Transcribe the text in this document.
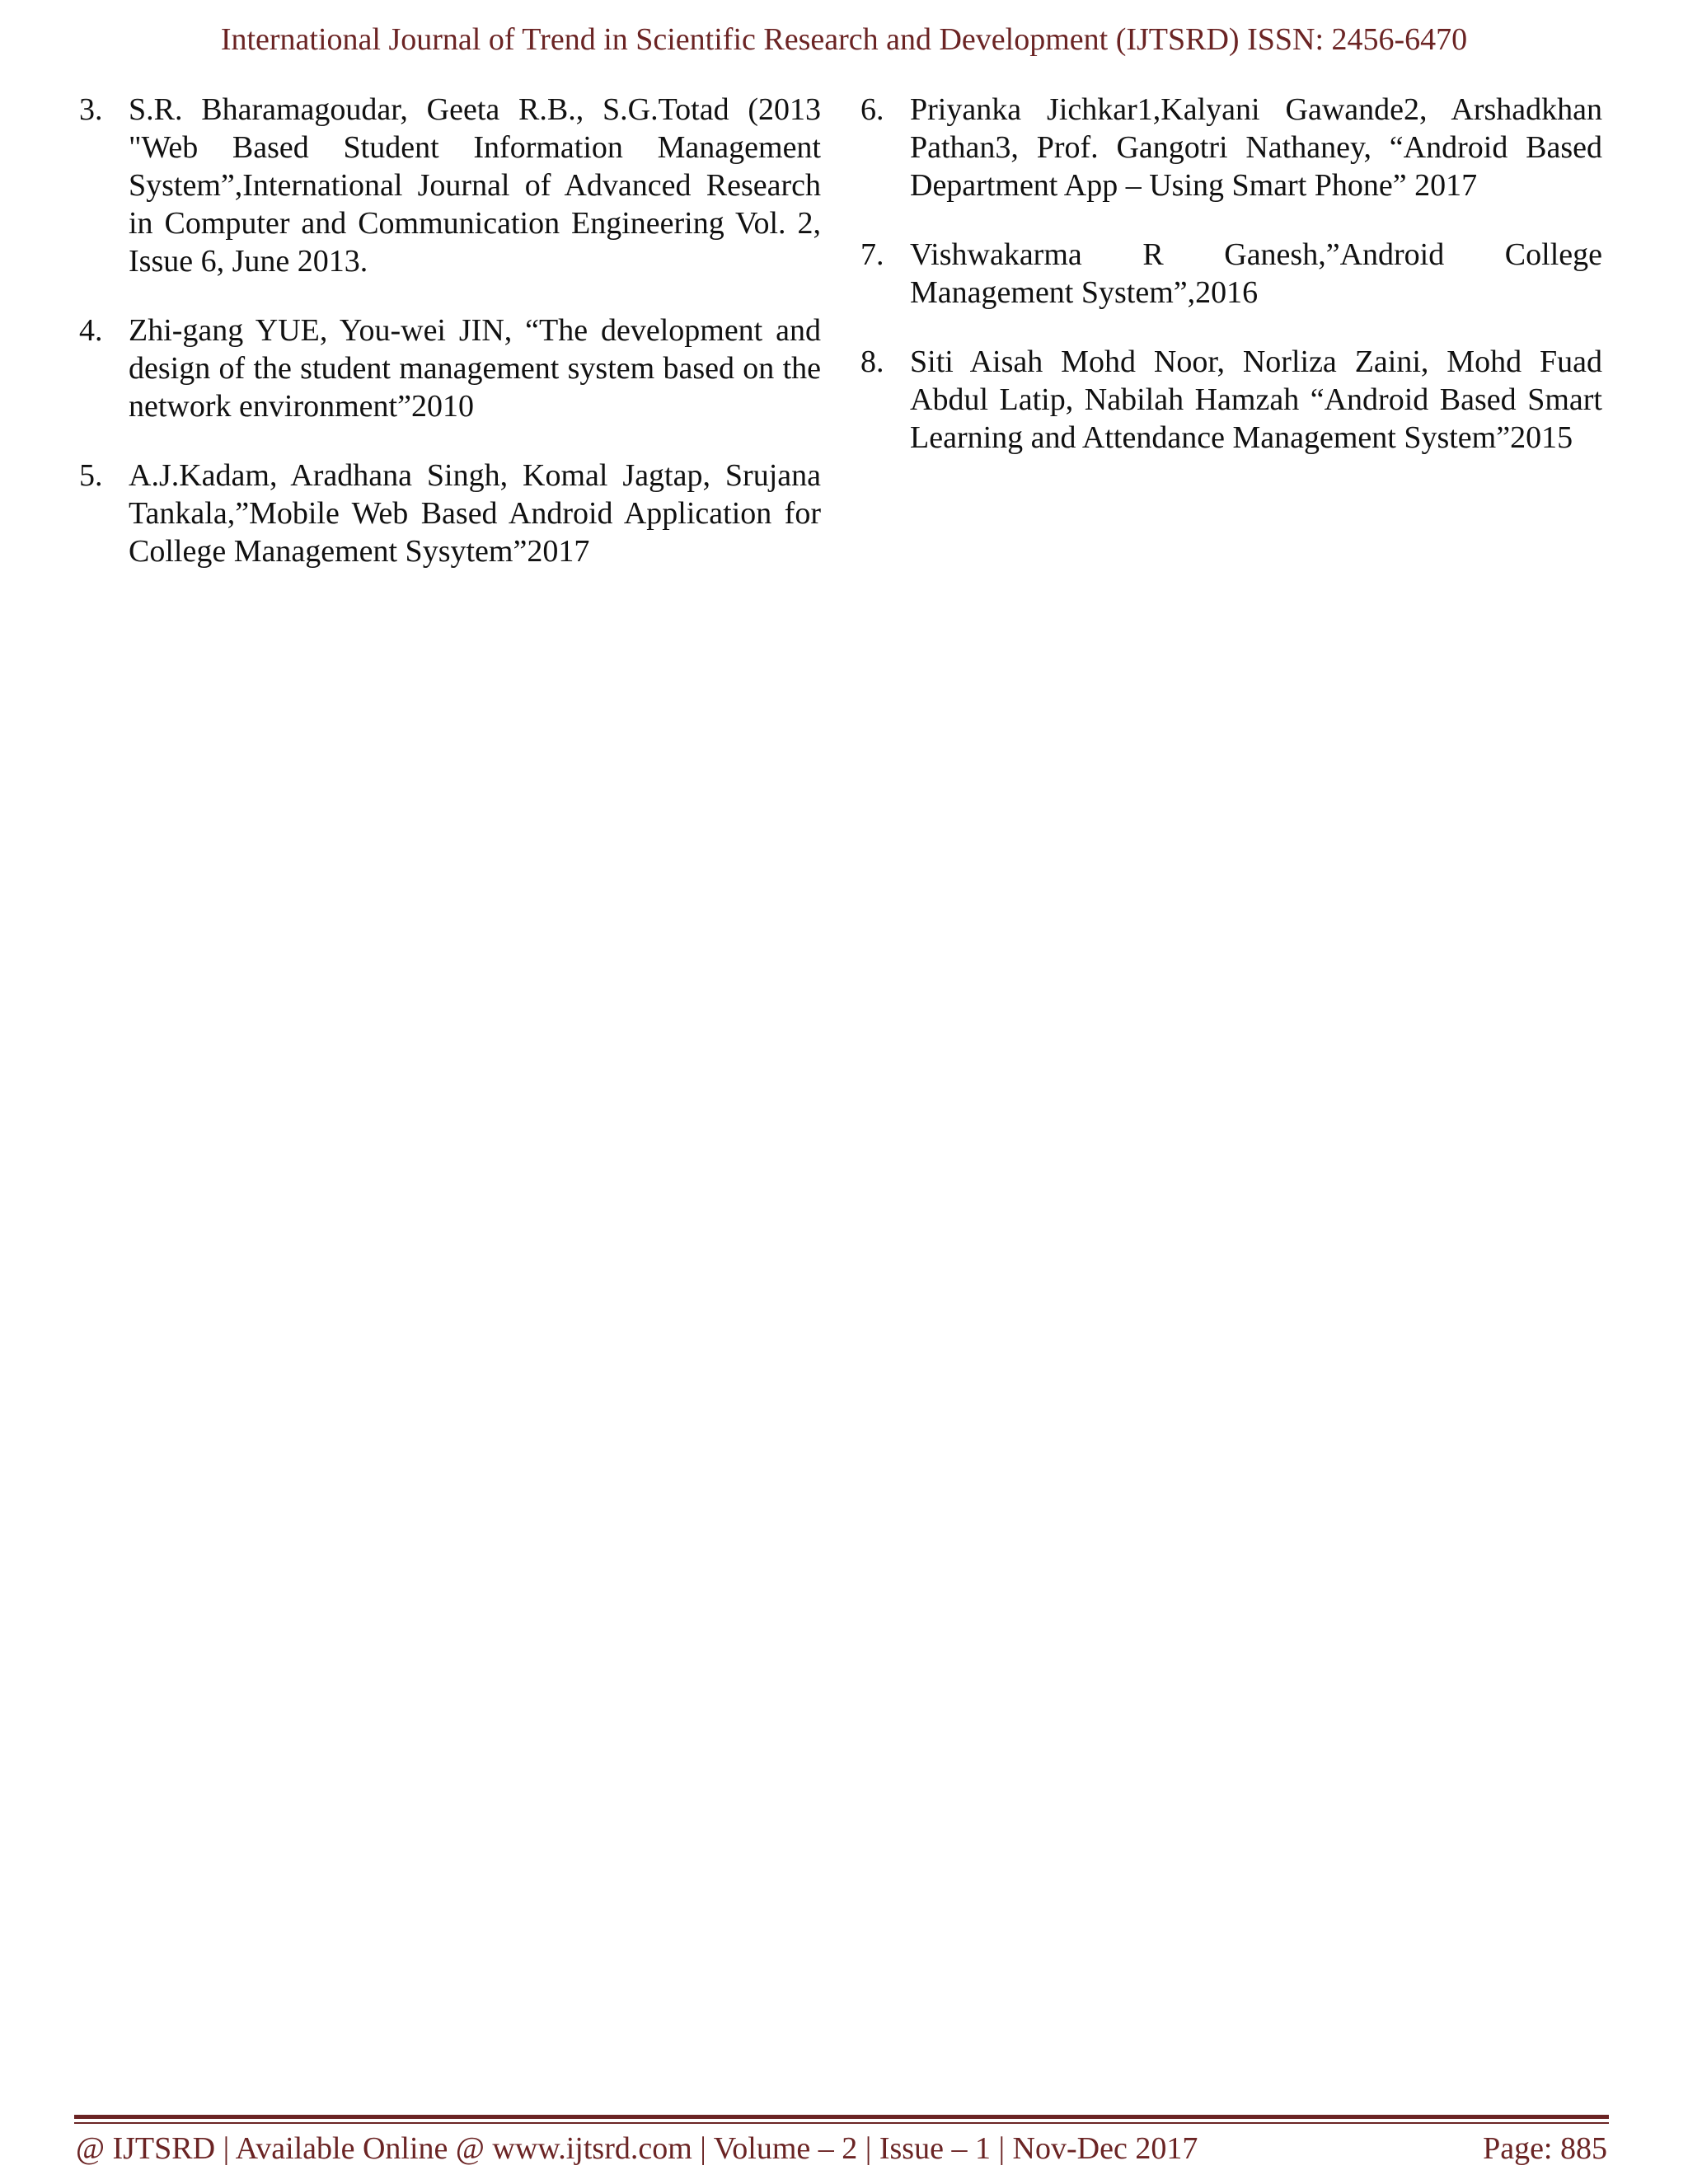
International Journal of Trend in Scientific Research and Development (IJTSRD) ISSN: 2456-6470
3. S.R. Bharamagoudar, Geeta R.B., S.G.Totad (2013 "Web Based Student Information Management System”,International Journal of Advanced Research in Computer and Communication Engineering Vol. 2, Issue 6, June 2013.
4. Zhi-gang YUE, You-wei JIN, “The development and design of the student management system based on the network environment”2010
5. A.J.Kadam, Aradhana Singh, Komal Jagtap, Srujana Tankala,”Mobile Web Based Android Application for College Management Sysytem”2017
6. Priyanka Jichkar1,Kalyani Gawande2, Arshadkhan Pathan3, Prof. Gangotri Nathaney, “Android Based Department App – Using Smart Phone” 2017
7. Vishwakarma R Ganesh,”Android College Management System”,2016
8. Siti Aisah Mohd Noor, Norliza Zaini, Mohd Fuad Abdul Latip, Nabilah Hamzah “Android Based Smart Learning and Attendance Management System”2015
@ IJTSRD | Available Online @ www.ijtsrd.com | Volume – 2 | Issue – 1 | Nov-Dec 2017	Page: 885
